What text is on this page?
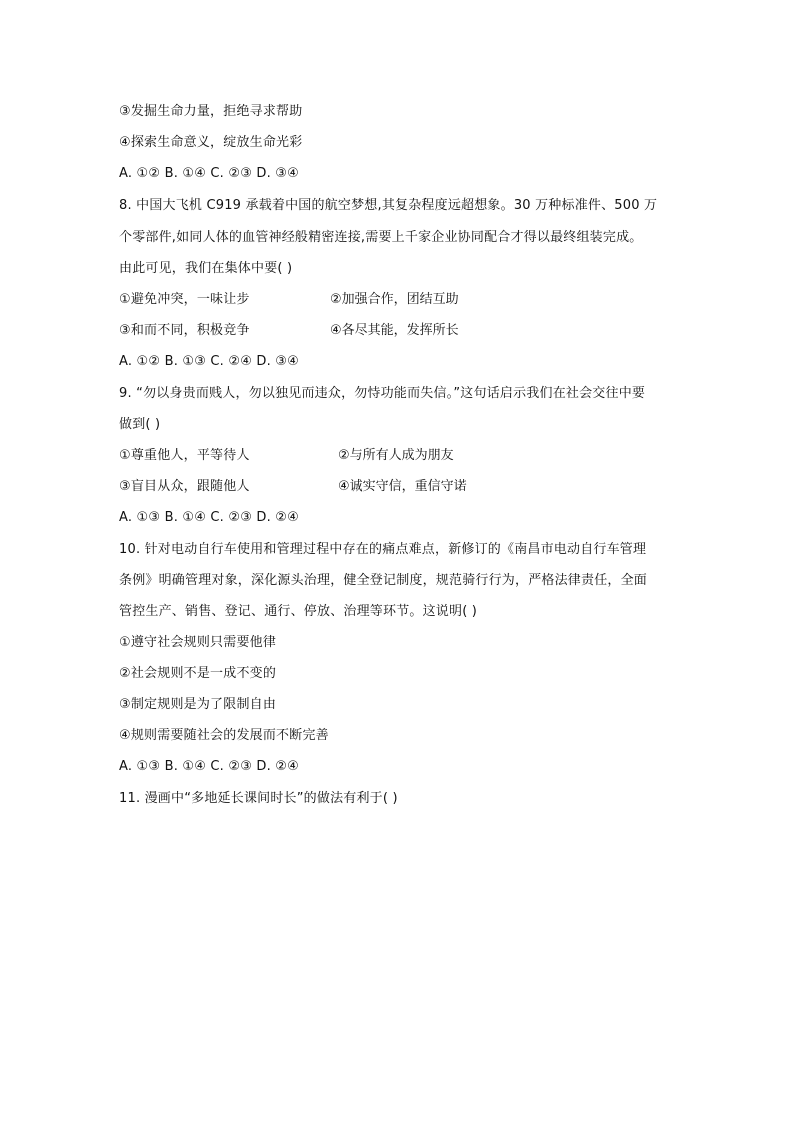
③发掘生命力量，拒绝寻求帮助
④探索生命意义，绽放生命光彩
A. ①② B. ①④ C. ②③ D. ③④
8. 中国大飞机 C919 承载着中国的航空梦想,其复杂程度远超想象。30 万种标准件、500 万
个零部件,如同人体的血管神经般精密连接,需要上千家企业协同配合才得以最终组装完成。
由此可见，我们在集体中要( )
①避免冲突，一味让步	②加强合作，团结互助
③和而不同，积极竞争	④各尽其能，发挥所长
A. ①② B. ①③ C. ②④ D. ③④
9. “勿以身贵而贱人，勿以独见而违众，勿恃功能而失信。”这句话启示我们在社会交往中要
做到( )
①尊重他人，平等待人	②与所有人成为朋友
③盲目从众，跟随他人	④诚实守信，重信守诺
A. ①③ B. ①④ C. ②③ D. ②④
10. 针对电动自行车使用和管理过程中存在的痛点难点，新修订的《南昌市电动自行车管理
条例》明确管理对象，深化源头治理，健全登记制度，规范骑行行为，严格法律责任，全面
管控生产、销售、登记、通行、停放、治理等环节。这说明( )
①遵守社会规则只需要他律
②社会规则不是一成不变的
③制定规则是为了限制自由
④规则需要随社会的发展而不断完善
A. ①③ B. ①④ C. ②③ D. ②④
11. 漫画中“多地延长课间时长”的做法有利于( )
